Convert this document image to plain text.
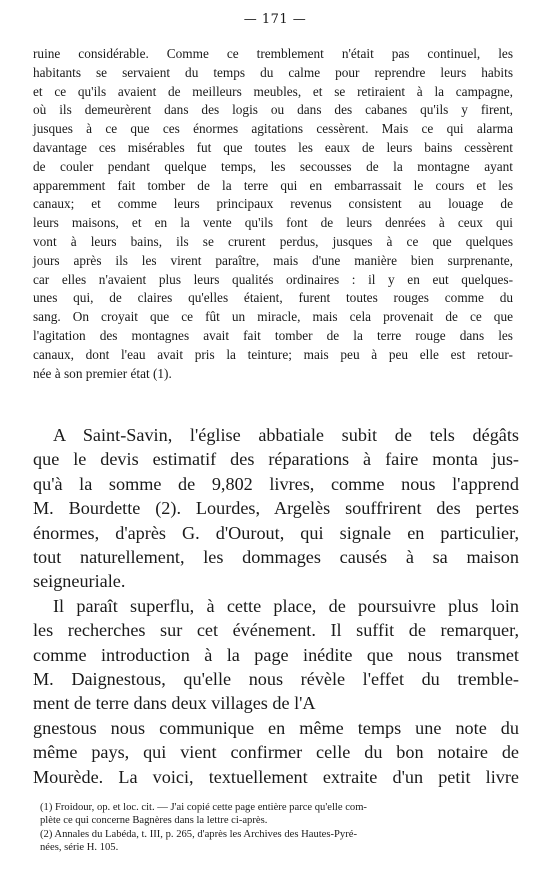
— 171 —
ruine considérable. Comme ce tremblement n'était pas continuel, les
habitants se servaient du temps du calme pour reprendre leurs habits
et ce qu'ils avaient de meilleurs meubles, et se retiraient à la campagne,
où ils demeurèrent dans des logis ou dans des cabanes qu'ils y firent,
jusques à ce que ces énormes agitations cessèrent. Mais ce qui alarma
davantage ces misérables fut que toutes les eaux de leurs bains cessèrent
de couler pendant quelque temps, les secousses de la montagne ayant
apparemment fait tomber de la terre qui en embarrassait le cours et les
canaux; et comme leurs principaux revenus consistent au louage de
leurs maisons, et en la vente qu'ils font de leurs denrées à ceux qui
vont à leurs bains, ils se crurent perdus, jusques à ce que quelques
jours après ils les virent paraître, mais d'une manière bien surprenante,
car elles n'avaient plus leurs qualités ordinaires : il y en eut quelques-
unes qui, de claires qu'elles étaient, furent toutes rouges comme du
sang. On croyait que ce fût un miracle, mais cela provenait de ce que
l'agitation des montagnes avait fait tomber de la terre rouge dans les
canaux, dont l'eau avait pris la teinture; mais peu à peu elle est retour-
née à son premier état (1).
A Saint-Savin, l'église abbatiale subit de tels dégâts
que le devis estimatif des réparations à faire monta jus-
qu'à la somme de 9,802 livres, comme nous l'apprend
M. Bourdette (2). Lourdes, Argelès souffrirent des pertes
énormes, d'après G. d'Ourout, qui signale en particulier,
tout naturellement, les dommages causés à sa maison
seigneuriale.
Il paraît superflu, à cette place, de poursuivre plus loin
les recherches sur cet événement. Il suffit de remarquer,
comme introduction à la page inédite que nous transmet
M. Daignestous, qu'elle nous révèle l'effet du tremble-
ment de terre dans deux villages de l'A
gnestous nous communique en même temps une note du
même pays, qui vient confirmer celle du bon notaire de
Mourède. La voici, textuellement extraite d'un petit livre
(1) Froidour, op. et loc. cit. — J'ai copié cette page entière parce qu'elle com-
plète ce qui concerne Bagnères dans la lettre ci-après.
(2) Annales du Labéda, t. III, p. 265, d'après les Archives des Hautes-Pyré-
nées, série H. 105.
